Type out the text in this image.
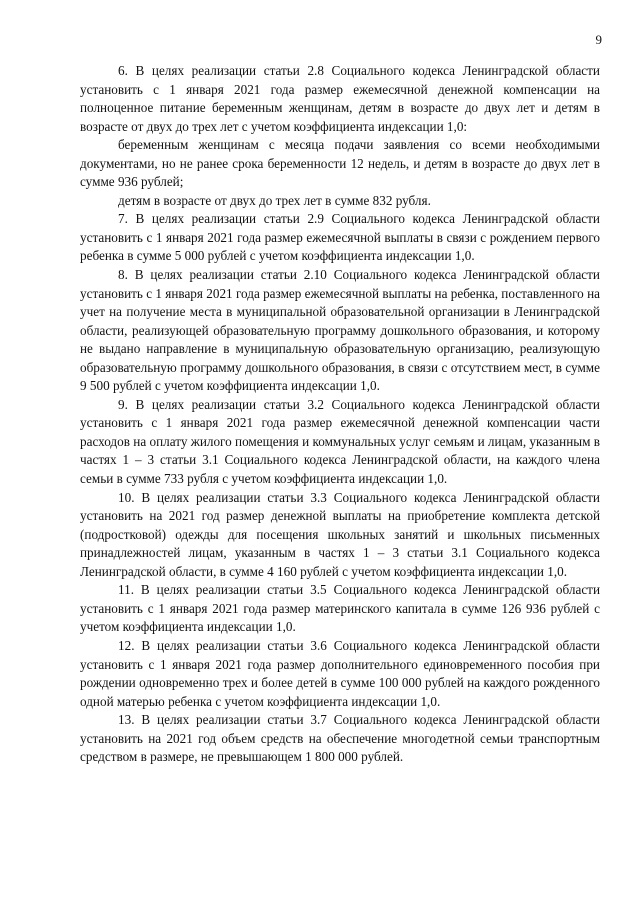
9

6. В целях реализации статьи 2.8 Социального кодекса Ленинградской области установить с 1 января 2021 года размер ежемесячной денежной компенсации на полноценное питание беременным женщинам, детям в возрасте до двух лет и детям в возрасте от двух до трех лет с учетом коэффициента индексации 1,0:

беременным женщинам с месяца подачи заявления со всеми необходимыми документами, но не ранее срока беременности 12 недель, и детям в возрасте до двух лет в сумме 936 рублей;

детям в возрасте от двух до трех лет в сумме 832 рубля.

7. В целях реализации статьи 2.9 Социального кодекса Ленинградской области установить с 1 января 2021 года размер ежемесячной выплаты в связи с рождением первого ребенка в сумме 5 000 рублей с учетом коэффициента индексации 1,0.

8. В целях реализации статьи 2.10 Социального кодекса Ленинградской области установить с 1 января 2021 года размер ежемесячной выплаты на ребенка, поставленного на учет на получение места в муниципальной образовательной организации в Ленинградской области, реализующей образовательную программу дошкольного образования, и которому не выдано направление в муниципальную образовательную организацию, реализующую образовательную программу дошкольного образования, в связи с отсутствием мест, в сумме 9 500 рублей с учетом коэффициента индексации 1,0.

9. В целях реализации статьи 3.2 Социального кодекса Ленинградской области установить с 1 января 2021 года размер ежемесячной денежной компенсации части расходов на оплату жилого помещения и коммунальных услуг семьям и лицам, указанным в частях 1 – 3 статьи 3.1 Социального кодекса Ленинградской области, на каждого члена семьи в сумме 733 рубля с учетом коэффициента индексации 1,0.

10. В целях реализации статьи 3.3 Социального кодекса Ленинградской области установить на 2021 год размер денежной выплаты на приобретение комплекта детской (подростковой) одежды для посещения школьных занятий и школьных письменных принадлежностей лицам, указанным в частях 1 – 3 статьи 3.1 Социального кодекса Ленинградской области, в сумме 4 160 рублей с учетом коэффициента индексации 1,0.

11. В целях реализации статьи 3.5 Социального кодекса Ленинградской области установить с 1 января 2021 года размер материнского капитала в сумме 126 936 рублей с учетом коэффициента индексации 1,0.

12. В целях реализации статьи 3.6 Социального кодекса Ленинградской области установить с 1 января 2021 года размер дополнительного единовременного пособия при рождении одновременно трех и более детей в сумме 100 000 рублей на каждого рожденного одной матерью ребенка с учетом коэффициента индексации 1,0.

13. В целях реализации статьи 3.7 Социального кодекса Ленинградской области установить на 2021 год объем средств на обеспечение многодетной семьи транспортным средством в размере, не превышающем 1 800 000 рублей.
